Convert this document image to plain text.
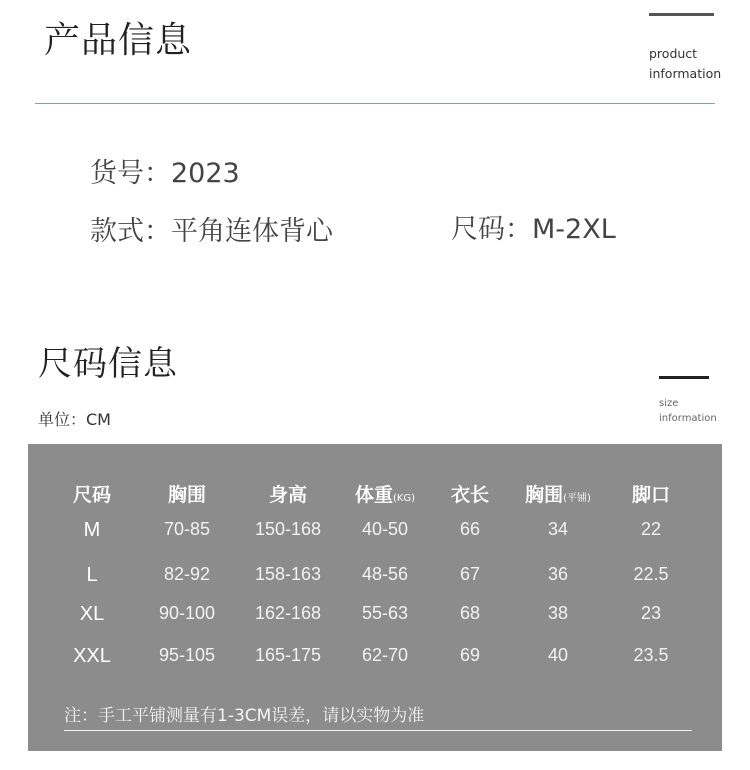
产品信息	product
information
货号：2023
款式：平角连体背心	尺码：M-2XL
尺码信息
size
information
单位：CM
尺码	胸围	身高	体重(KG) 衣长 胸围(平铺) 脚口
M	70-85 150-168 40-50	66	34	22
L	82-92 158-163 48-56	67	36	22.5
XL	90-100 162-168 55-63	68	38	23
XXL	95-105 165-175 62-70	69	40	23.5
注：手工平铺测量有1-3CM误差，请以实物为准
